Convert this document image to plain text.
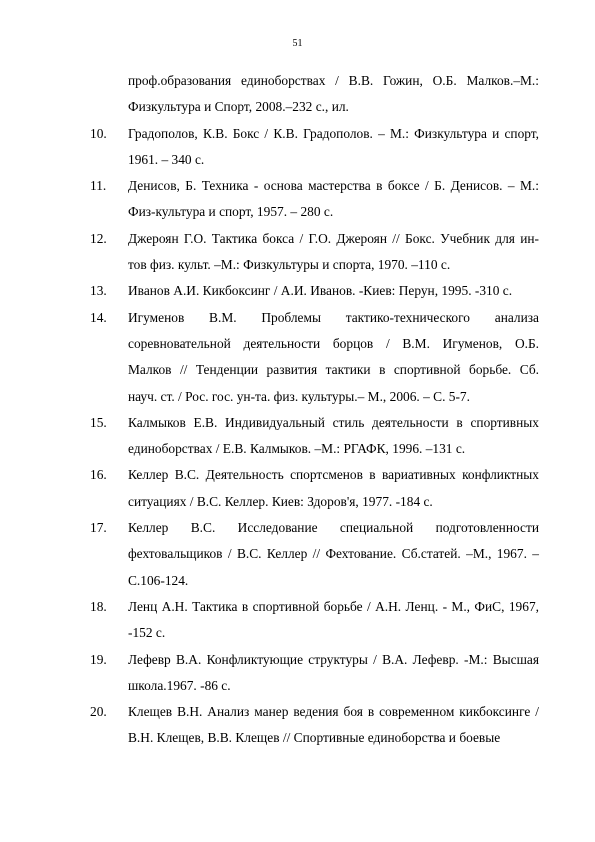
51
проф.образования единоборствах / В.В. Гожин, О.Б. Малков.–М.:
Физкультура и Спорт, 2008.–232 с., ил.
10. Градополов, К.В. Бокс / К.В. Градополов. – М.: Физкультура и спорт,
1961. – 340 с.
11. Денисов, Б. Техника - основа мастерства в боксе / Б. Денисов. – М.:
Физ-культура и спорт, 1957. – 280 с.
12. Джероян Г.О. Тактика бокса / Г.О. Джероян // Бокс. Учебник для ин-
тов физ. культ. –М.: Физкультуры и спорта, 1970. –110 с.
13. Иванов А.И. Кикбоксинг / А.И. Иванов. -Киев: Перун, 1995. -310 с.
14. Игуменов В.М. Проблемы тактико-технического анализа
соревновательной деятельности борцов / В.М. Игуменов, О.Б.
Малков // Тенденции развития тактики в спортивной борьбе. Сб.
науч. ст. / Рос. гос. ун-та. физ. культуры.– М., 2006. – С. 5-7.
15. Калмыков Е.В. Индивидуальный стиль деятельности в спортивных
единоборствах / Е.В. Калмыков. –М.: РГАФК, 1996. –131 с.
16. Келлер В.С. Деятельность спортсменов в вариативных конфликтных
ситуациях / В.С. Келлер. Киев: Здоров'я, 1977. -184 с.
17. Келлер В.С. Исследование специальной подготовленности
фехтовальщиков / В.С. Келлер // Фехтование. Сб.статей. –М., 1967. –
С.106-124.
18. Ленц А.Н. Тактика в спортивной борьбе / А.Н. Ленц. - М., ФиС, 1967,
-152 с.
19. Лефевр В.А. Конфликтующие структуры / В.А. Лефевр. -М.: Высшая
школа.1967. -86 с.
20. Клещев В.Н. Анализ манер ведения боя в современном кикбоксинге /
В.Н. Клещев, В.В. Клещев // Спортивные единоборства и боевые
